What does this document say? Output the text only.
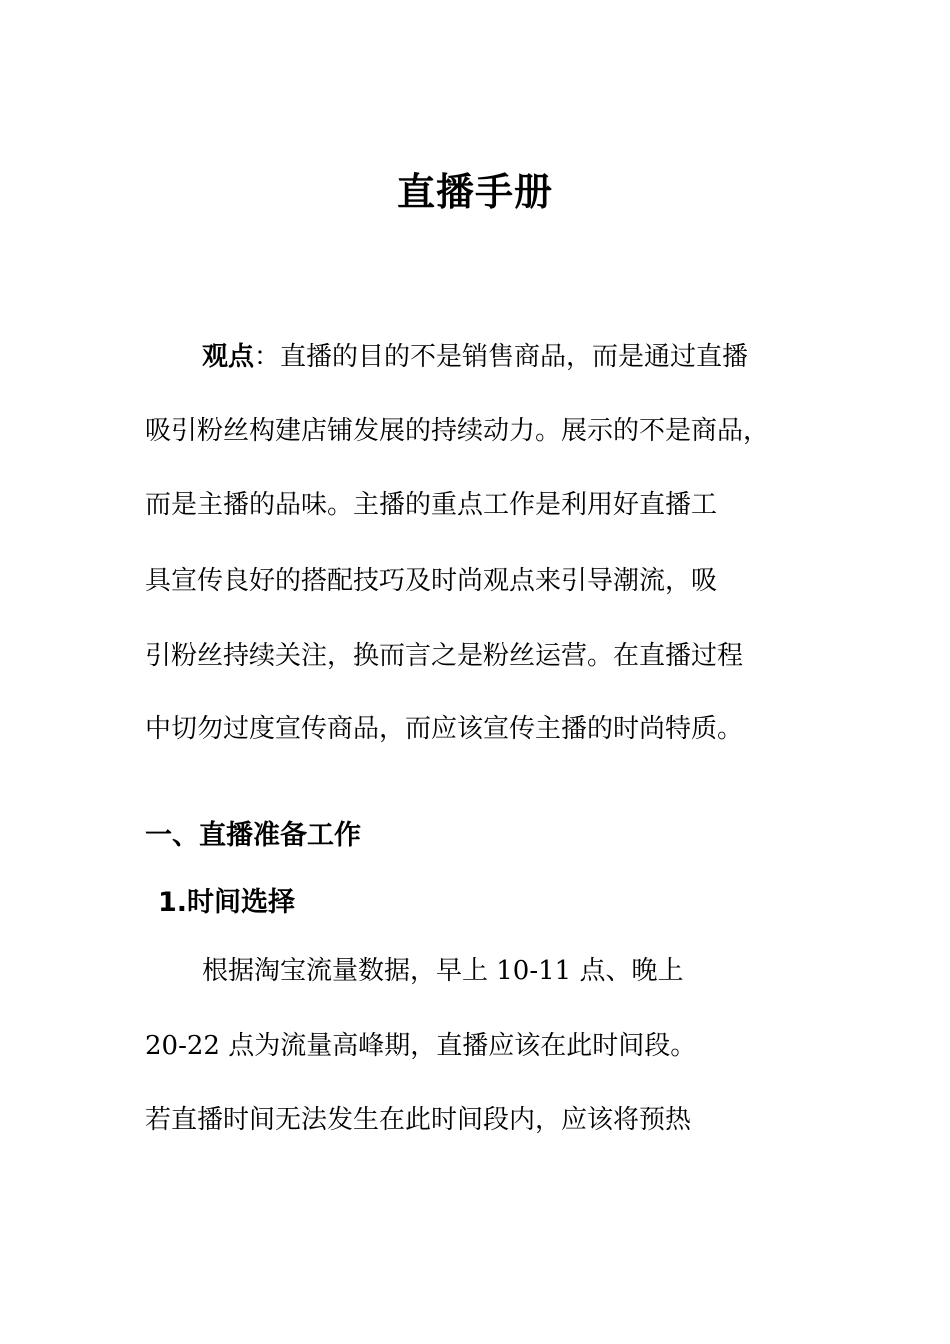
直播手册
观点：直播的目的不是销售商品，而是通过直播
吸引粉丝构建店铺发展的持续动力。展示的不是商品，
而是主播的品味。主播的重点工作是利用好直播工
具宣传良好的搭配技巧及时尚观点来引导潮流，吸
引粉丝持续关注，换而言之是粉丝运营。在直播过程
中切勿过度宣传商品，而应该宣传主播的时尚特质。
一、直播准备工作
1.时间选择
根据淘宝流量数据，早上 10-11 点、晚上
20-22 点为流量高峰期，直播应该在此时间段。
若直播时间无法发生在此时间段内，应该将预热
